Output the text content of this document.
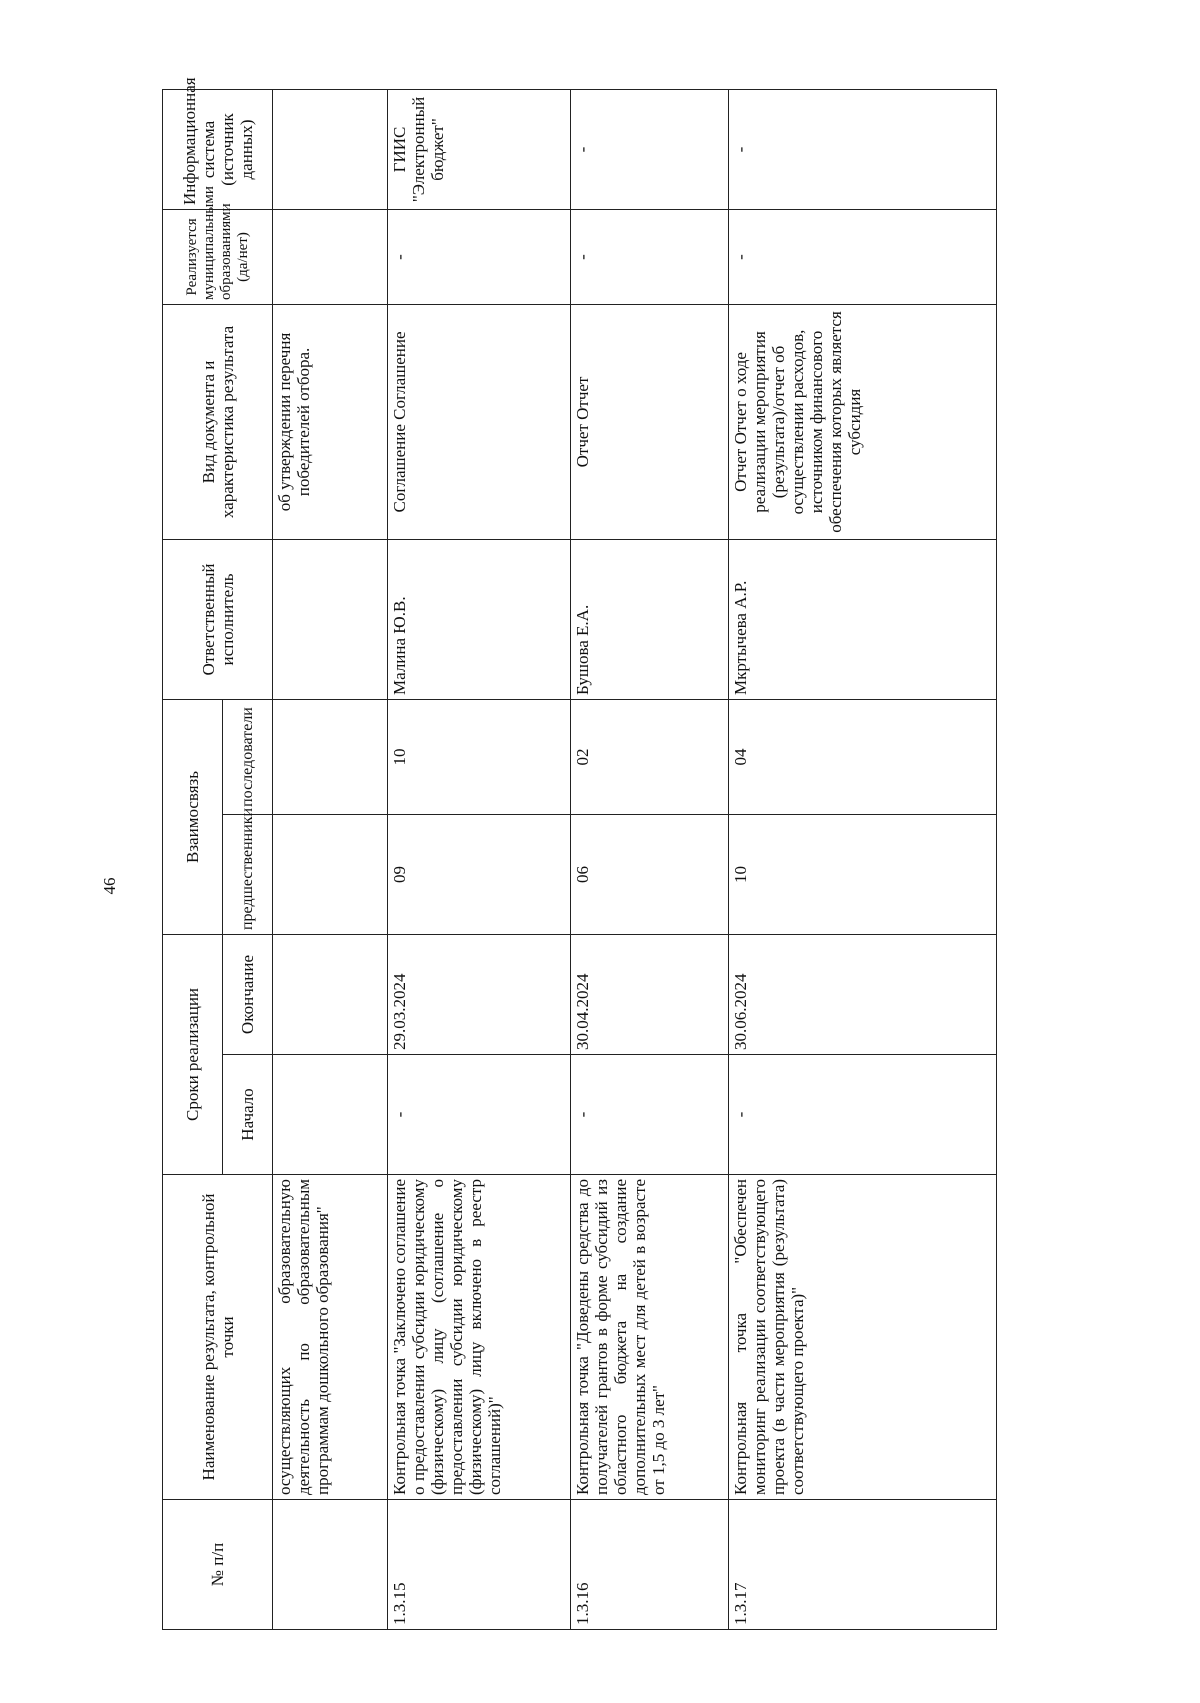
46
№ п/п	Наименование результата, контрольной точки	Сроки реализации		Взаимосвязь		Ответственный исполнитель	Вид документа и характеристика результата	Реализуется муниципальными образованиями (да/нет)	Информационная система (источник данных)
		Начало	Окончание	предшественники	последователи				
	осуществляющих образовательную деятельность по образовательным программам дошкольного образования"						об утверждении перечня победителей отбора.		
1.3.15	Контрольная точка "Заключено соглашение о предоставлении субсидии юридическому (физическому) лицу (соглашение о предоставлении субсидии юридическому (физическому) лицу включено в реестр соглашений)"	-	29.03.2024	09	10	Малина Ю.В.	Соглашение Соглашение	-	ГИИС "Электронный бюджет"
1.3.16	Контрольная точка "Доведены средства до получателей грантов в форме субсидий из областного бюджета на создание дополнительных мест для детей в возрасте от 1,5 до 3 лет"	-	30.04.2024	06	02	Бушова Е.А.	Отчет Отчет	-	-
1.3.17	Контрольная точка "Обеспечен мониторинг реализации соответствующего проекта (в части мероприятия (результата) соответствующего проекта)"	-	30.06.2024	10	04	Мкртычева А.Р.	Отчет Отчет о ходе реализации мероприятия (результата)/отчет об осуществлении расходов, источником финансового обеспечения которых является субсидия	-	-
